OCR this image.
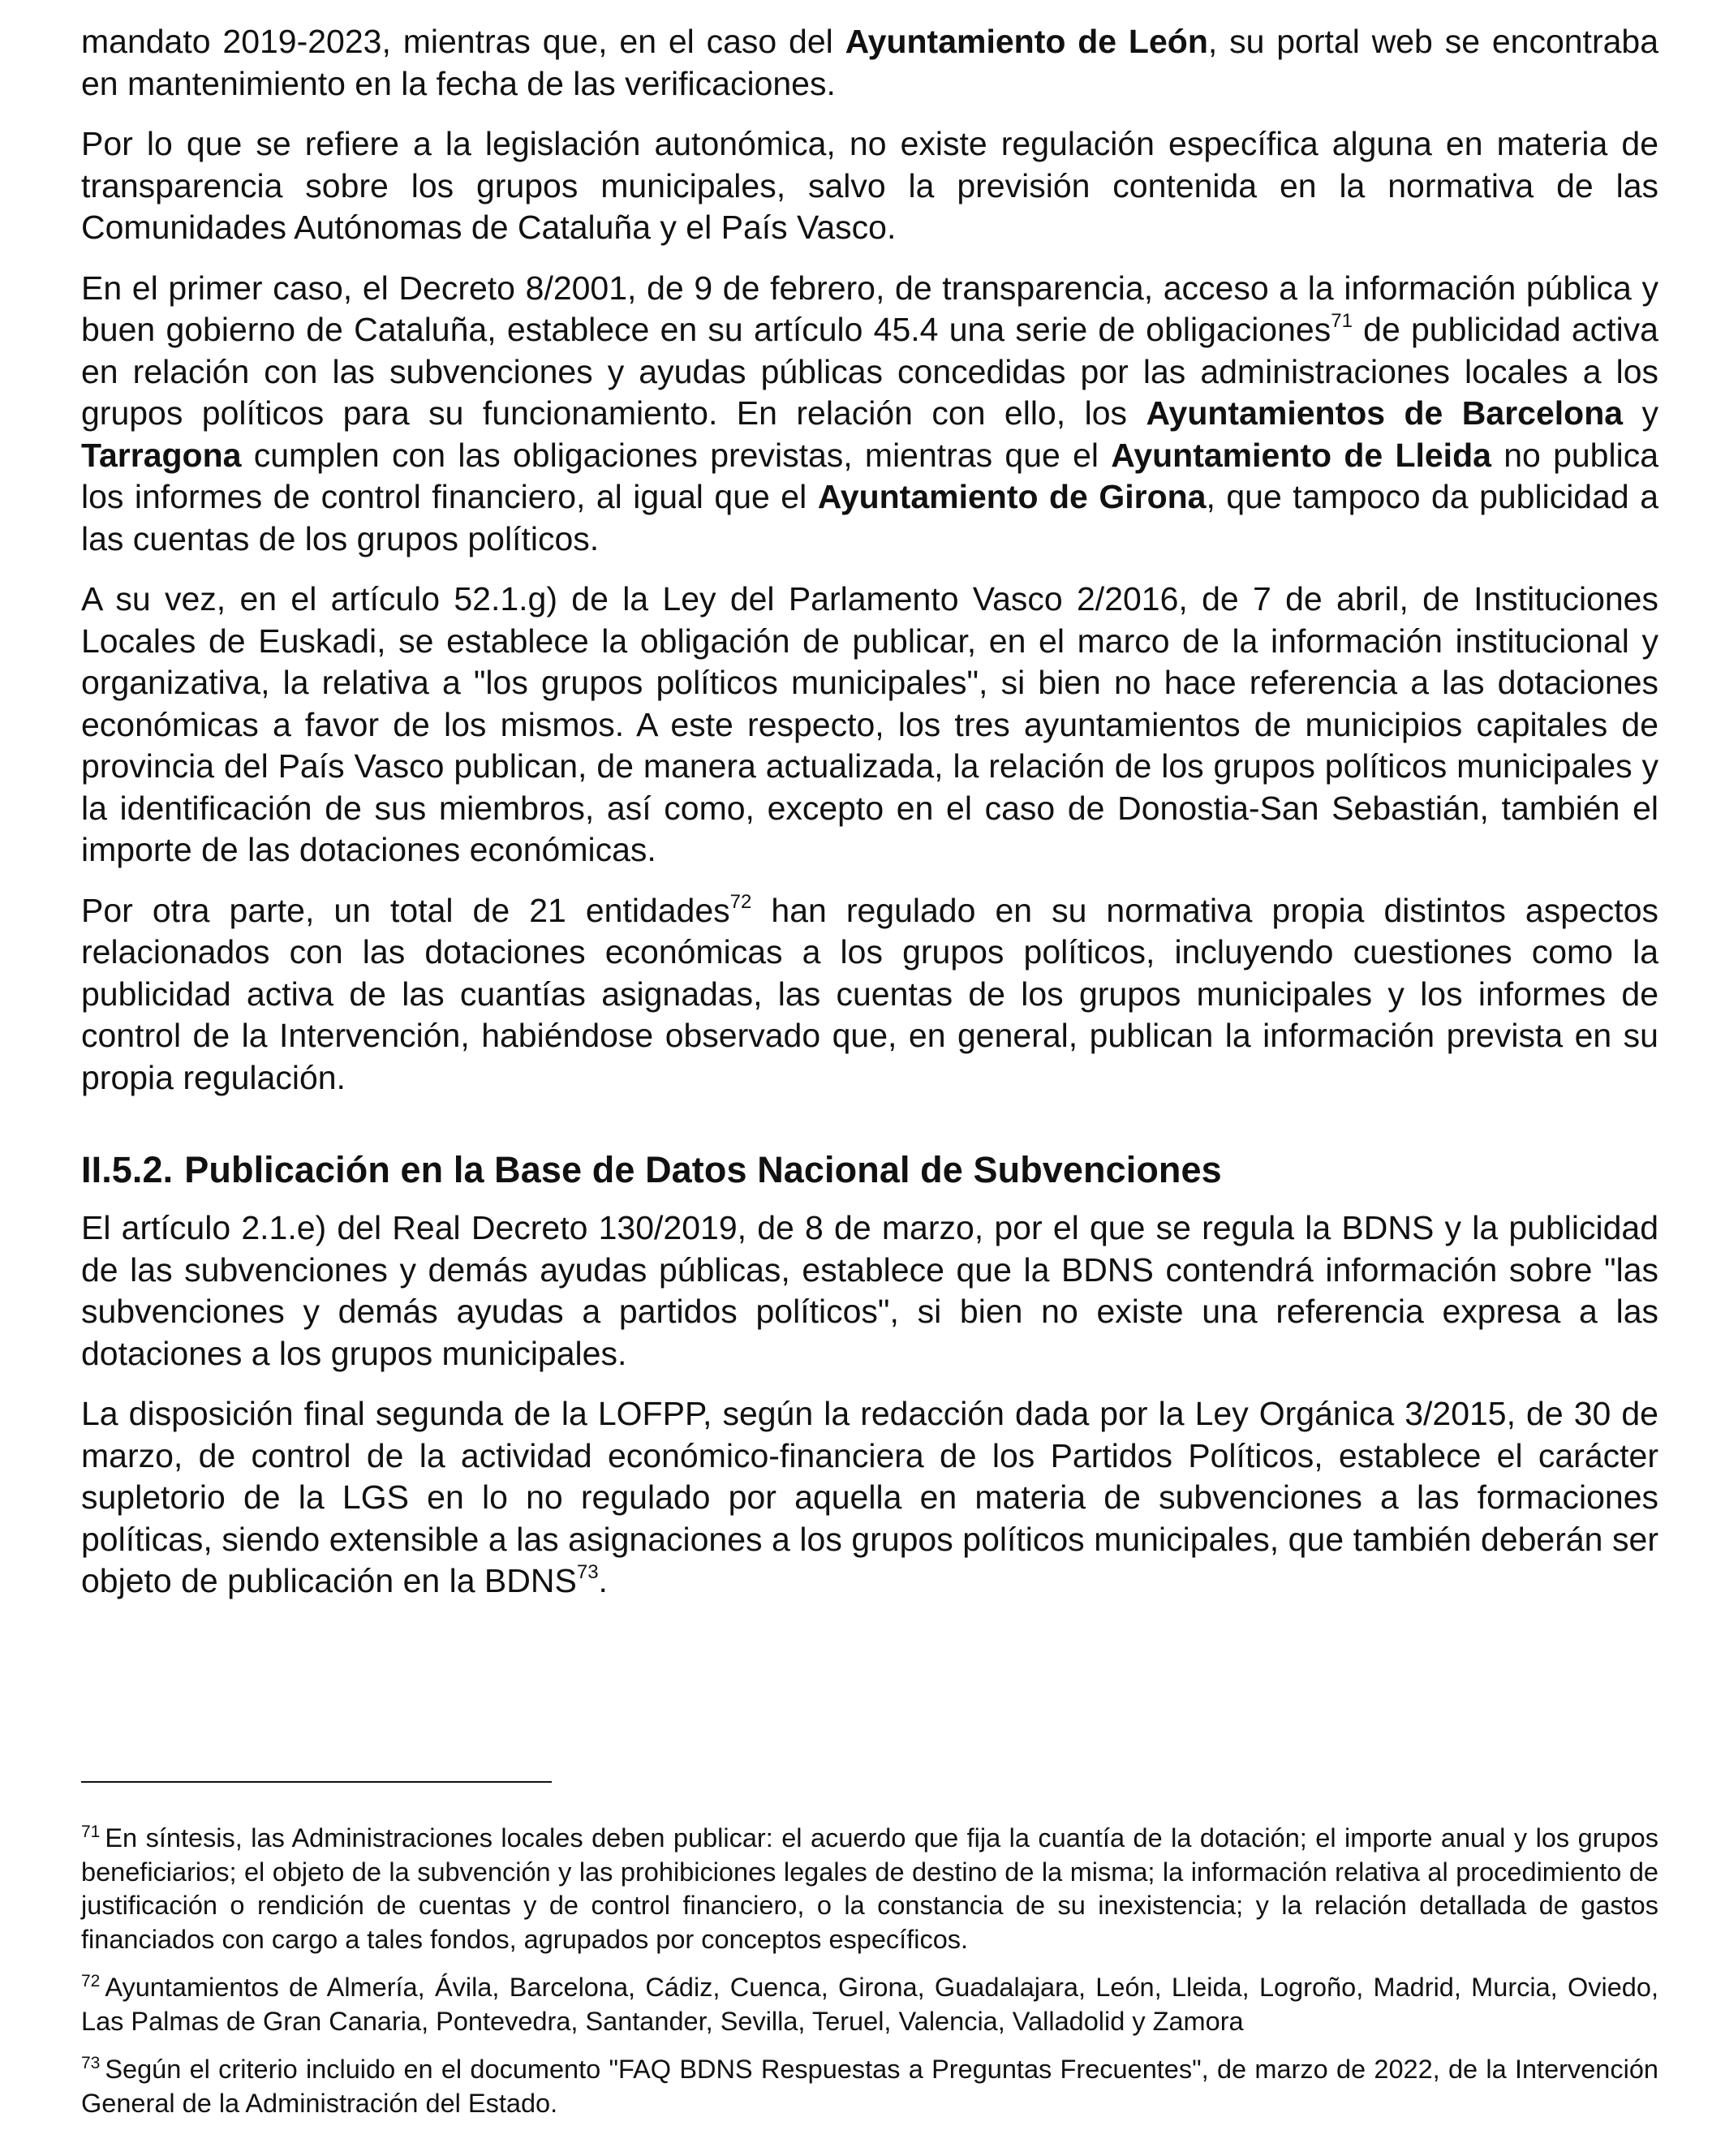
mandato 2019-2023, mientras que, en el caso del Ayuntamiento de León, su portal web se encontraba en mantenimiento en la fecha de las verificaciones.

Por lo que se refiere a la legislación autonómica, no existe regulación específica alguna en materia de transparencia sobre los grupos municipales, salvo la previsión contenida en la normativa de las Comunidades Autónomas de Cataluña y el País Vasco.

En el primer caso, el Decreto 8/2001, de 9 de febrero, de transparencia, acceso a la información pública y buen gobierno de Cataluña, establece en su artículo 45.4 una serie de obligaciones$^{71}$ de publicidad activa en relación con las subvenciones y ayudas públicas concedidas por las administraciones locales a los grupos políticos para su funcionamiento. En relación con ello, los Ayuntamientos de Barcelona y Tarragona cumplen con las obligaciones previstas, mientras que el Ayuntamiento de Lleida no publica los informes de control financiero, al igual que el Ayuntamiento de Girona, que tampoco da publicidad a las cuentas de los grupos políticos.

A su vez, en el artículo 52.1.g) de la Ley del Parlamento Vasco 2/2016, de 7 de abril, de Instituciones Locales de Euskadi, se establece la obligación de publicar, en el marco de la información institucional y organizativa, la relativa a "los grupos políticos municipales", si bien no hace referencia a las dotaciones económicas a favor de los mismos. A este respecto, los tres ayuntamientos de municipios capitales de provincia del País Vasco publican, de manera actualizada, la relación de los grupos políticos municipales y la identificación de sus miembros, así como, excepto en el caso de Donostia-San Sebastián, también el importe de las dotaciones económicas.

Por otra parte, un total de 21 entidades$^{72}$ han regulado en su normativa propia distintos aspectos relacionados con las dotaciones económicas a los grupos políticos, incluyendo cuestiones como la publicidad activa de las cuantías asignadas, las cuentas de los grupos municipales y los informes de control de la Intervención, habiéndose observado que, en general, publican la información prevista en su propia regulación.

II.5.2. Publicación en la Base de Datos Nacional de Subvenciones

El artículo 2.1.e) del Real Decreto 130/2019, de 8 de marzo, por el que se regula la BDNS y la publicidad de las subvenciones y demás ayudas públicas, establece que la BDNS contendrá información sobre "las subvenciones y demás ayudas a partidos políticos", si bien no existe una referencia expresa a las dotaciones a los grupos municipales.

La disposición final segunda de la LOFPP, según la redacción dada por la Ley Orgánica 3/2015, de 30 de marzo, de control de la actividad económico-financiera de los Partidos Políticos, establece el carácter supletorio de la LGS en lo no regulado por aquella en materia de subvenciones a las formaciones políticas, siendo extensible a las asignaciones a los grupos políticos municipales, que también deberán ser objeto de publicación en la BDNS$^{73}$.

$^{71}$ En síntesis, las Administraciones locales deben publicar: el acuerdo que fija la cuantía de la dotación; el importe anual y los grupos beneficiarios; el objeto de la subvención y las prohibiciones legales de destino de la misma; la información relativa al procedimiento de justificación o rendición de cuentas y de control financiero, o la constancia de su inexistencia; y la relación detallada de gastos financiados con cargo a tales fondos, agrupados por conceptos específicos.

$^{72}$ Ayuntamientos de Almería, Ávila, Barcelona, Cádiz, Cuenca, Girona, Guadalajara, León, Lleida, Logroño, Madrid, Murcia, Oviedo, Las Palmas de Gran Canaria, Pontevedra, Santander, Sevilla, Teruel, Valencia, Valladolid y Zamora

$^{73}$ Según el criterio incluido en el documento "FAQ BDNS Respuestas a Preguntas Frecuentes", de marzo de 2022, de la Intervención General de la Administración del Estado.
